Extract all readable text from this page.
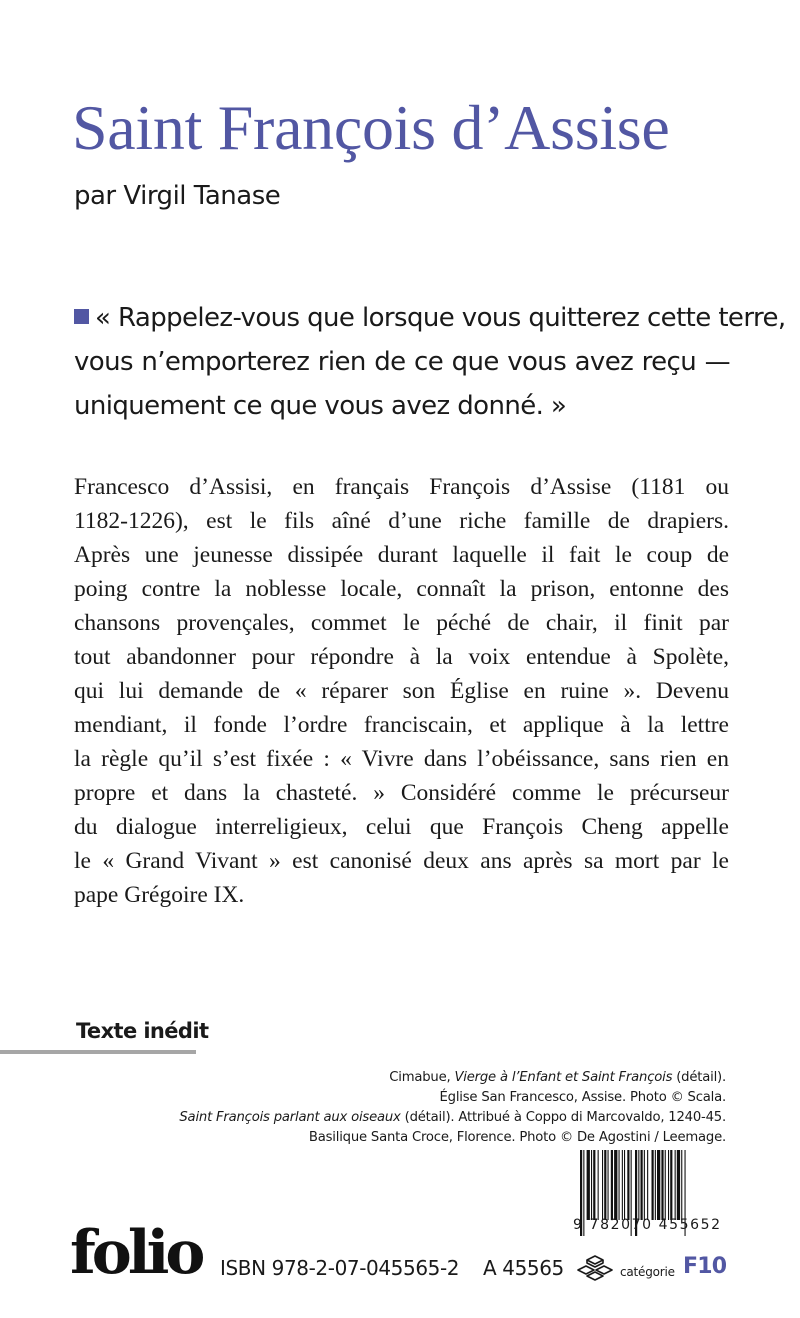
Saint François d’Assise
par Virgil Tanase
« Rappelez-vous que lorsque vous quitterez cette terre,
vous n’emporterez rien de ce que vous avez reçu —
uniquement ce que vous avez donné. »
Francesco d’Assisi, en français François d’Assise (1181 ou
1182-1226), est le fils aîné d’une riche famille de drapiers.
Après une jeunesse dissipée durant laquelle il fait le coup de
poing contre la noblesse locale, connaît la prison, entonne des
chansons provençales, commet le péché de chair, il finit par
tout abandonner pour répondre à la voix entendue à Spolète,
qui lui demande de « réparer son Église en ruine ». Devenu
mendiant, il fonde l’ordre franciscain, et applique à la lettre
la règle qu’il s’est fixée : « Vivre dans l’obéissance, sans rien en
propre et dans la chasteté. » Considéré comme le précurseur
du dialogue interreligieux, celui que François Cheng appelle
le « Grand Vivant » est canonisé deux ans après sa mort par le
pape Grégoire IX.
Texte inédit
Cimabue, Vierge à l’Enfant et Saint François (détail).
Église San Francesco, Assise. Photo © Scala.
Saint François parlant aux oiseaux (détail). Attribué à Coppo di Marcovaldo, 1240-45.
Basilique Santa Croce, Florence. Photo © De Agostini / Leemage.
9 782070 455652
folio ISBN 978-2-07-045565-2 A 45565	catégorie F10
